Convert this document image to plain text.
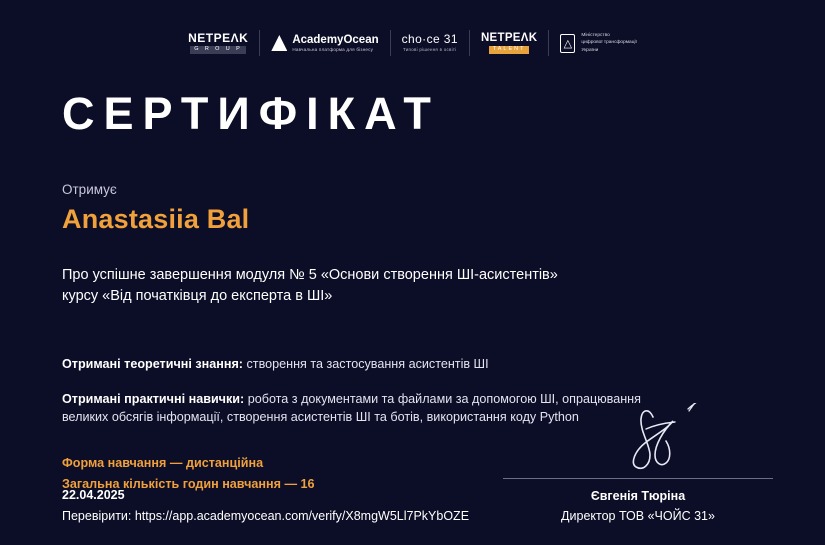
NETPEΛK
G R O U P
AcademyOcean
Навчальна платформа для бізнесу
cho·ce 31
Типові рішення в освіті
NETPEΛK
TALENT	△
Міністерство
цифрової трансформації
України
СЕРТИФІКАТ
Отримує
Anastasiia Bal
Про успішне завершення модуля № 5 «Основи створення ШІ-асистентів»
курсу «Від початківця до експерта в ШІ»
Отримані теоретичні знання: створення та застосування асистентів ШІ
Отримані практичні навички: робота з документами та файлами за допомогою ШІ, опрацювання великих обсягів інформації, створення асистентів ШІ та ботів, використання коду Python
Форма навчання — дистанційна
Загальна кількість годин навчання — 16
22.04.2025
Перевірити: https://app.academyocean.com/verify/X8mgW5Ll7PkYbOZE
Євгенія Тюріна
Директор ТОВ «ЧОЙС 31»
